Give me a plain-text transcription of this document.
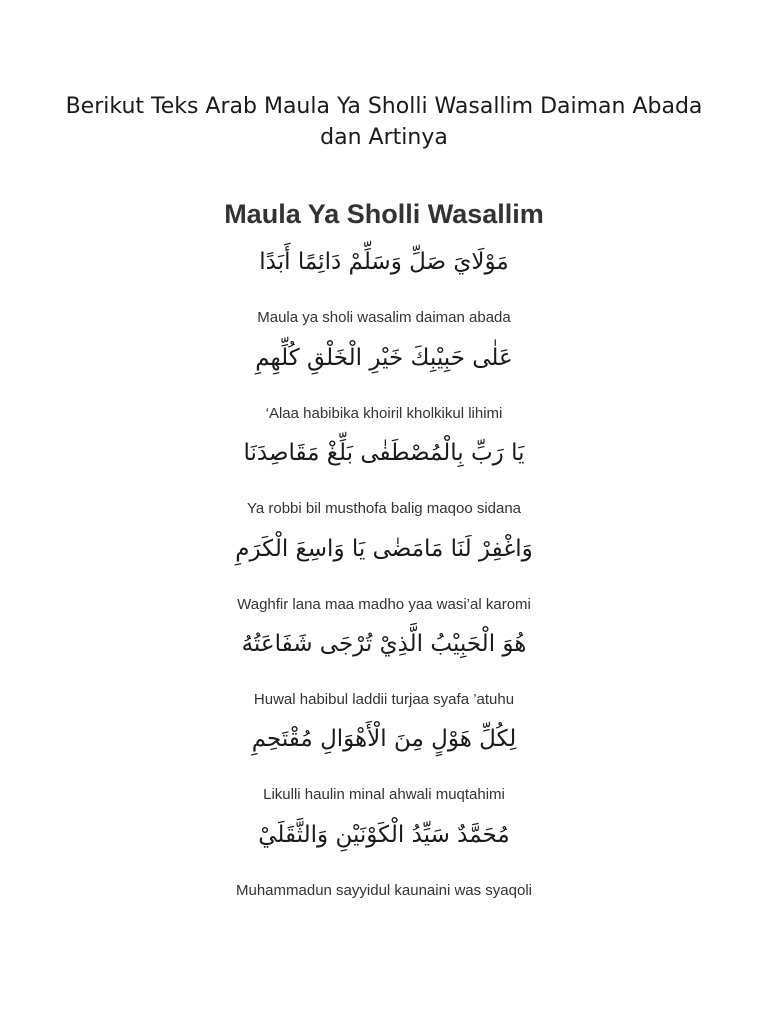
Berikut Teks Arab Maula Ya Sholli Wasallim Daiman Abada dan Artinya
Maula Ya Sholli Wasallim
مَوْلَايَ صَلِّ وَسَلِّمْ دَائِمًا أَبَدًا
Maula ya sholi wasalim daiman abada
عَلٰى حَبِيْبِكَ خَيْرِ الْخَلْقِ كُلِّهِمِ
‘Alaa habibika khoiril kholkikul lihimi
يَا رَبِّ بِالْمُصْطَفٰى بَلِّغْ مَقَاصِدَنَا
Ya robbi bil musthofa balig maqoo sidana
وَاغْفِرْ لَنَا مَامَضٰى يَا وَاسِعَ الْكَرَمِ
Waghfir lana maa madho yaa wasi’al karomi
هُوَ الْحَبِيْبُ الَّذِيْ تُرْجَى شَفَاعَتُهُ
Huwal habibul laddii turjaa syafa ’atuhu
لِكُلِّ هَوْلٍ مِنَ الْأَهْوَالِ مُقْتَحِمِ
Likulli haulin minal ahwali muqtahimi
مُحَمَّدٌ سَيِّدُ الْكَوْنَيْنِ وَالثَّقَلَيْ
Muhammadun sayyidul kaunaini was syaqoli
